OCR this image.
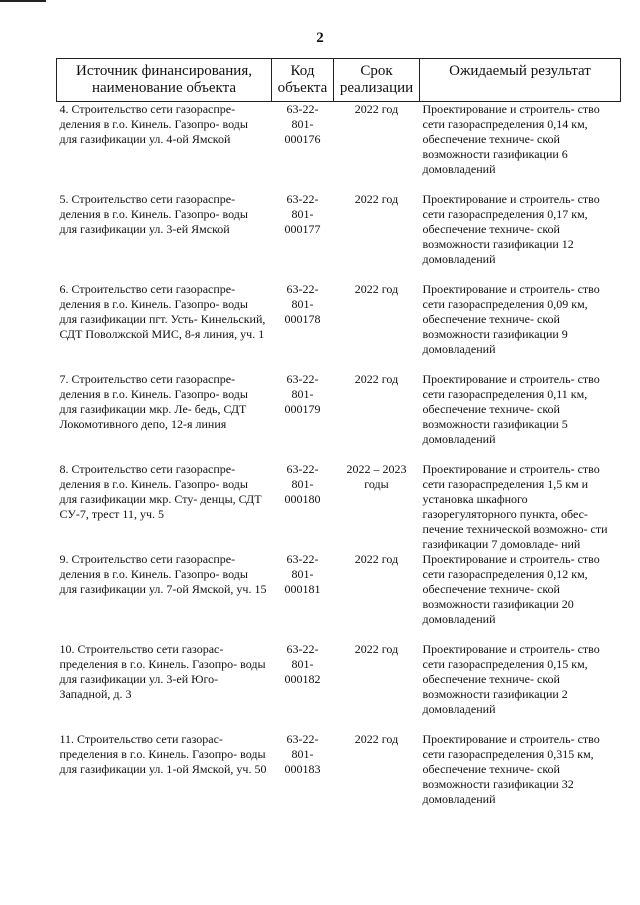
2
Источник финансирования, наименование объекта	Код объекта	Срок реализации	Ожидаемый результат
4. Строительство сети газораспре- деления в г.о. Кинель. Газопро- воды для газификации ул. 4-ой Ямской	63-22- 801- 000176	2022 год	Проектирование и строитель- ство сети газораспределения 0,14 км, обеспечение техниче- ской возможности газификации 6 домовладений
5. Строительство сети газораспре- деления в г.о. Кинель. Газопро- воды для газификации ул. 3-ей Ямской	63-22- 801- 000177	2022 год	Проектирование и строитель- ство сети газораспределения 0,17 км, обеспечение техниче- ской возможности газификации 12 домовладений
6. Строительство сети газораспре- деления в г.о. Кинель. Газопро- воды для газификации пгт. Усть- Кинельский, СДТ Поволжской МИС, 8-я линия, уч. 1	63-22- 801- 000178	2022 год	Проектирование и строитель- ство сети газораспределения 0,09 км, обеспечение техниче- ской возможности газификации 9 домовладений
7. Строительство сети газораспре- деления в г.о. Кинель. Газопро- воды для газификации мкр. Ле- бедь, СДТ Локомотивного депо, 12-я линия	63-22- 801- 000179	2022 год	Проектирование и строитель- ство сети газораспределения 0,11 км, обеспечение техниче- ской возможности газификации 5 домовладений
8. Строительство сети газораспре- деления в г.о. Кинель. Газопро- воды для газификации мкр. Сту- денцы, СДТ СУ-7, трест 11, уч. 5	63-22- 801- 000180	2022 – 2023 годы	Проектирование и строитель- ство сети газораспределения 1,5 км и установка шкафного газорегуляторного пункта, обес- печение технической возможно- сти газификации 7 домовладе- ний
9. Строительство сети газораспре- деления в г.о. Кинель. Газопро- воды для газификации ул. 7-ой Ямской, уч. 15	63-22- 801- 000181	2022 год	Проектирование и строитель- ство сети газораспределения 0,12 км, обеспечение техниче- ской возможности газификации 20 домовладений
10. Строительство сети газорас- пределения в г.о. Кинель. Газопро- воды для газификации ул. 3-ей Юго-Западной, д. 3	63-22- 801- 000182	2022 год	Проектирование и строитель- ство сети газораспределения 0,15 км, обеспечение техниче- ской возможности газификации 2 домовладений
11. Строительство сети газорас- пределения в г.о. Кинель. Газопро- воды для газификации ул. 1-ой Ямской, уч. 50	63-22- 801- 000183	2022 год	Проектирование и строитель- ство сети газораспределения 0,315 км, обеспечение техниче- ской возможности газификации 32 домовладений
